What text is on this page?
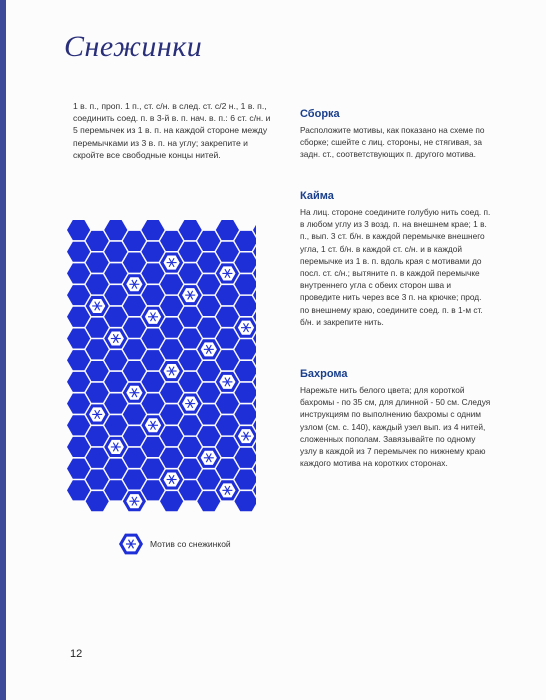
Снежинки

1 в. п., проп. 1 п., ст. с/н. в след. ст. с/2 н., 1 в. п., соединить соед. п. в 3-й в. п. нач. в. п.: 6 ст. с/н. и 5 перемычек из 1 в. п. на каждой стороне между перемычками из 3 в. п. на углу; закрепите и скройте все свободные концы нитей.

Сборка

Расположите мотивы, как показано на схеме по сборке; сшейте с лиц. стороны, не стягивая, за задн. ст., соответствующих п. другого мотива.

Кайма

На лиц. стороне соедините голубую нить соед. п. в любом углу из 3 возд. п. на внешнем крае; 1 в. п., вып. 3 ст. б/н. в каждой перемычке внешнего угла, 1 ст. б/н. в каждой ст. с/н. и в каждой перемычке из 1 в. п. вдоль края с мотивами до посл. ст. с/н.; вытяните п. в каждой перемычке внутреннего угла с обеих сторон шва и проведите нить через все 3 п. на крючке; прод. по внешнему краю, соедините соед. п. в 1-м ст. б/н. и закрепите нить.

Бахрома

Нарежьте нить белого цвета; для короткой бахромы - по 35 см, для длинной - 50 см. Следуя инструкциям по выполнению бахромы с одним узлом (см. с. 140), каждый узел вып. из 4 нитей, сложенных пополам. Завязывайте по одному узлу в каждой из 7 перемычек по нижнему краю каждого мотива на коротких сторонах.

Мотив со снежинкой
12
